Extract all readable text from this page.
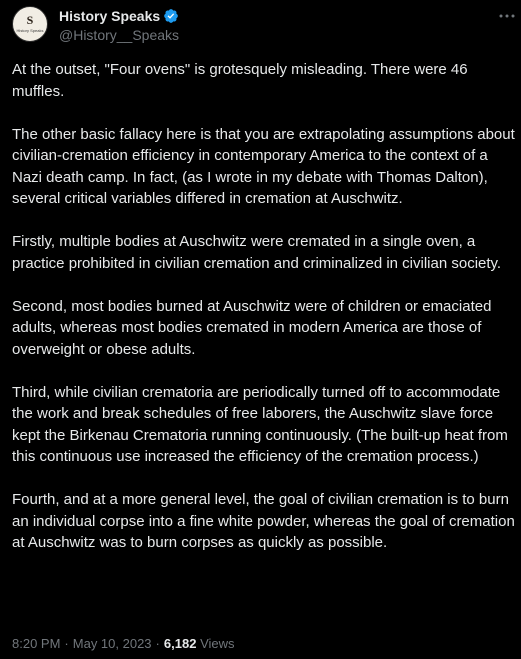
S
History Speaks
History Speaks
@History__Speaks

At the outset, "Four ovens" is grotesquely misleading. There were 46 muffles.

The other basic fallacy here is that you are extrapolating assumptions about civilian-cremation efficiency in contemporary America to the context of a Nazi death camp. In fact, (as I wrote in my debate with Thomas Dalton), several critical variables differed in cremation at Auschwitz.

Firstly, multiple bodies at Auschwitz were cremated in a single oven, a practice prohibited in civilian cremation and criminalized in civilian society.

Second, most bodies burned at Auschwitz were of children or emaciated adults, whereas most bodies cremated in modern America are those of overweight or obese adults.

Third, while civilian crematoria are periodically turned off to accommodate the work and break schedules of free laborers, the Auschwitz slave force kept the Birkenau Crematoria running continuously. (The built-up heat from this continuous use increased the efficiency of the cremation process.)

Fourth, and at a more general level, the goal of civilian cremation is to burn an individual corpse into a fine white powder, whereas the goal of cremation at Auschwitz was to burn corpses as quickly as possible.

8:20 PM · May 10, 2023 · 6,182 Views
